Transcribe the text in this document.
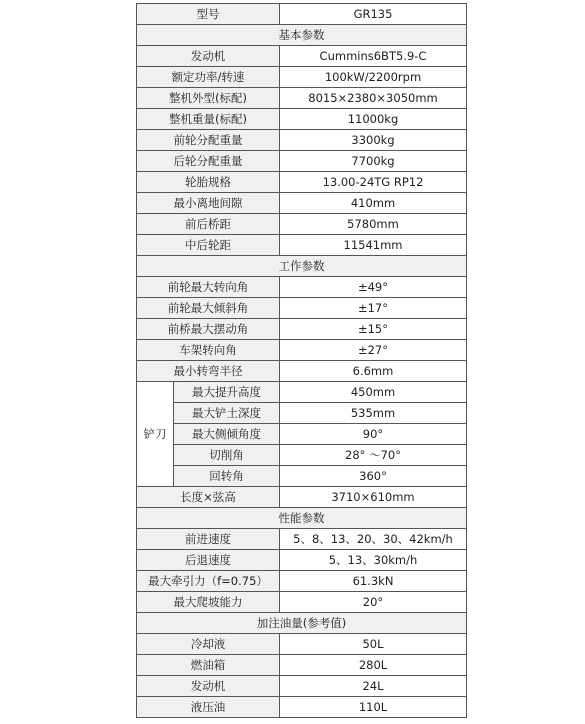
型号		GR135
基本参数		
发动机		Cummins6BT5.9-C
额定功率/转速		100kW/2200rpm
整机外型(标配)		8015×2380×3050mm
整机重量(标配)		11000kg
前轮分配重量		3300kg
后轮分配重量		7700kg
轮胎规格		13.00-24TG RP12
最小离地间隙		410mm
前后桥距		5780mm
中后轮距		11541mm
工作参数		
前轮最大转向角		±49°
前轮最大倾斜角		±17°
前桥最大摆动角		±15°
车架转向角		±27°
最小转弯半径		6.6mm
铲刀	最大提升高度	450mm
	最大铲土深度	535mm
	最大侧倾角度	90°
	切削角	28° ～70°
	回转角	360°
长度×弦高		3710×610mm
性能参数		
前进速度		5、8、13、20、30、42km/h
后退速度		5、13、30km/h
最大牵引力（f=0.75）		61.3kN
最大爬坡能力		20°
加注油量(参考值)		
冷却液		50L
燃油箱		280L
发动机		24L
液压油		110L
